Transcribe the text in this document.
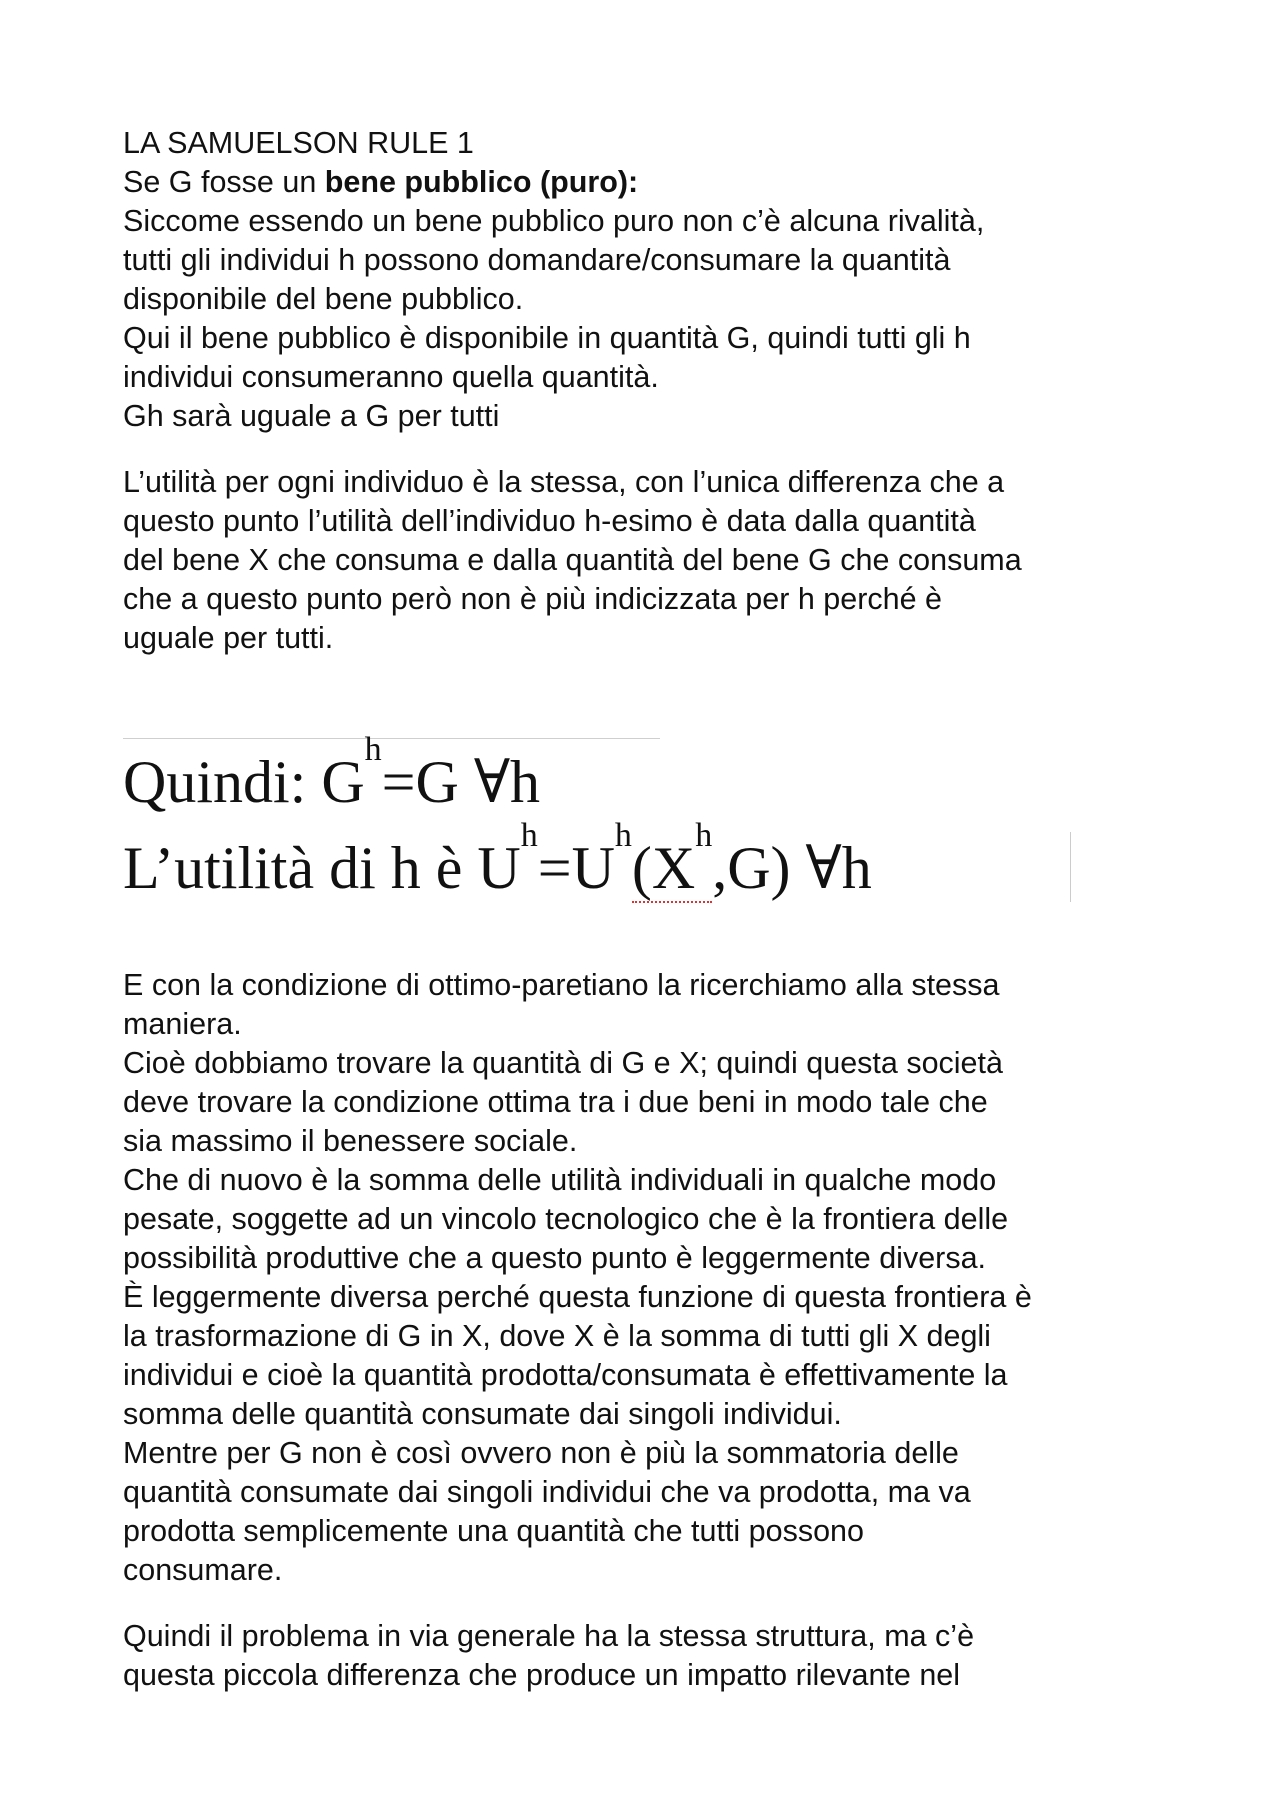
LA SAMUELSON RULE 1

Se G fosse un bene pubblico (puro):

Siccome essendo un bene pubblico puro non c’è alcuna rivalità,

tutti gli individui h possono domandare/consumare la quantità

disponibile del bene pubblico.

Qui il bene pubblico è disponibile in quantità G, quindi tutti gli h

individui consumeranno quella quantità.

Gh sarà uguale a G per tutti

L’utilità per ogni individuo è la stessa, con l’unica differenza che a

questo punto l’utilità dell’individuo h-esimo è data dalla quantità

del bene X che consuma e dalla quantità del bene G che consuma

che a questo punto però non è più indicizzata per h perché è

uguale per tutti.

Quindi: $G^h=G$ ∀h

L’utilità di h è $U^h=U^h(X^h,G)$ ∀h

E con la condizione di ottimo-paretiano la ricerchiamo alla stessa

maniera.

Cioè dobbiamo trovare la quantità di G e X; quindi questa società

deve trovare la condizione ottima tra i due beni in modo tale che

sia massimo il benessere sociale.

Che di nuovo è la somma delle utilità individuali in qualche modo

pesate, soggette ad un vincolo tecnologico che è la frontiera delle

possibilità produttive che a questo punto è leggermente diversa.

È leggermente diversa perché questa funzione di questa frontiera è

la trasformazione di G in X, dove X è la somma di tutti gli X degli

individui e cioè la quantità prodotta/consumata è effettivamente la

somma delle quantità consumate dai singoli individui.

Mentre per G non è così ovvero non è più la sommatoria delle

quantità consumate dai singoli individui che va prodotta, ma va

prodotta semplicemente una quantità che tutti possono

consumare.

Quindi il problema in via generale ha la stessa struttura, ma c’è

questa piccola differenza che produce un impatto rilevante nel
